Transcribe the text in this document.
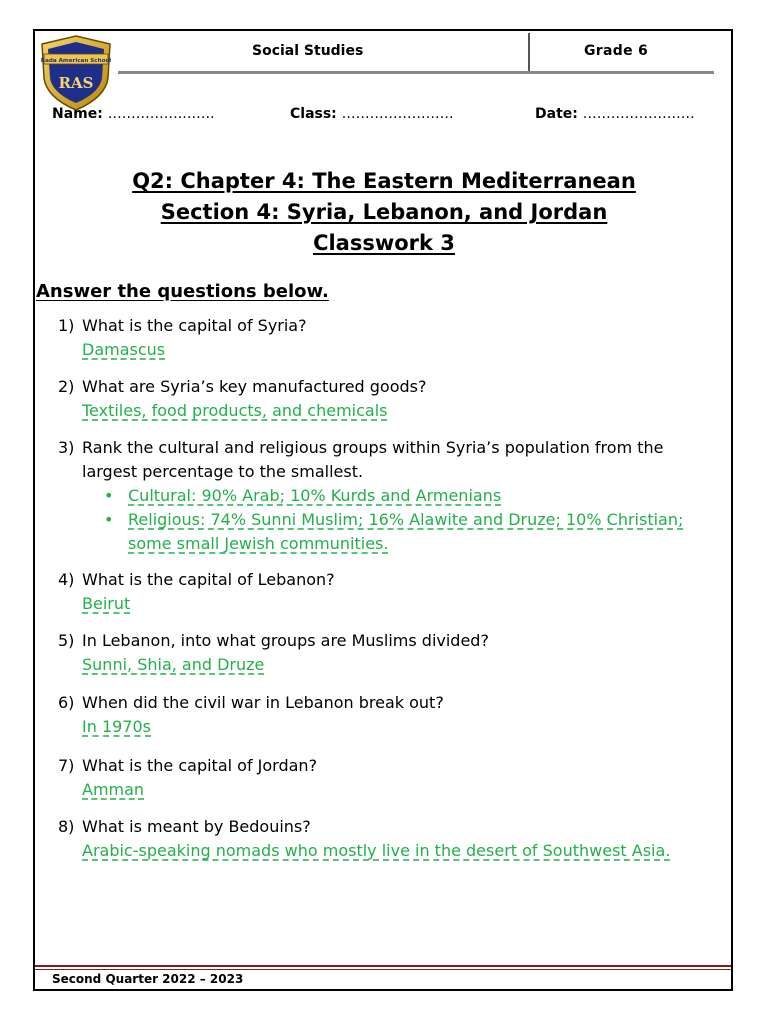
Rada American School
RAS
Social Studies	Grade 6
Name: …………….…….	Class: ……………………	Date: ……………………
Q2: Chapter 4: The Eastern Mediterranean
Section 4: Syria, Lebanon, and Jordan
Classwork 3
Answer the questions below.
1) What is the capital of Syria?
Damascus
2) What are Syria’s key manufactured goods?
Textiles, food products, and chemicals
3) Rank the cultural and religious groups within Syria’s population from the largest percentage to the smallest.
• Cultural: 90% Arab; 10% Kurds and Armenians
• Religious: 74% Sunni Muslim; 16% Alawite and Druze; 10% Christian; some small Jewish communities.
4) What is the capital of Lebanon?
Beirut
5) In Lebanon, into what groups are Muslims divided?
Sunni, Shia, and Druze
6) When did the civil war in Lebanon break out?
In 1970s
7) What is the capital of Jordan?
Amman
8) What is meant by Bedouins?
Arabic-speaking nomads who mostly live in the desert of Southwest Asia.
Second Quarter 2022 – 2023
